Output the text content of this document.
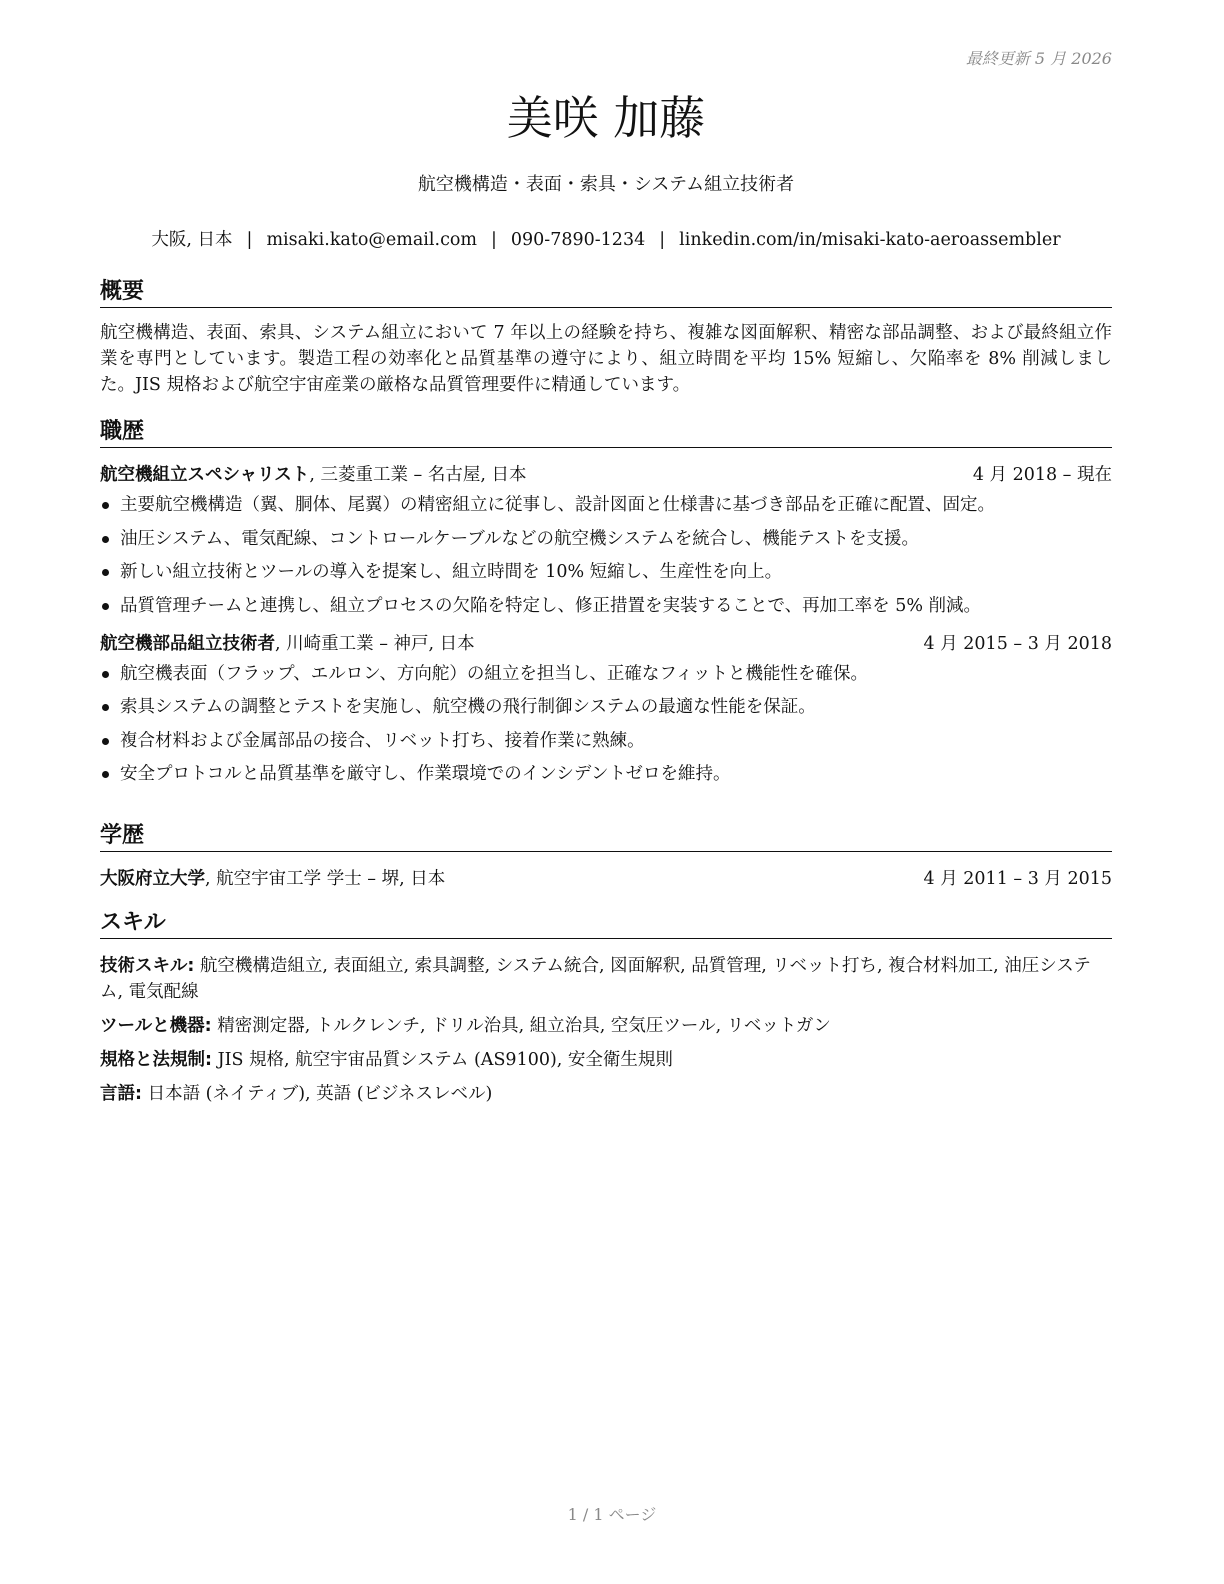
最終更新 5 月 2026
美咲 加藤
航空機構造・表面・索具・システム組立技術者
大阪, 日本 | misaki.kato@email.com | 090-7890-1234 | linkedin.com/in/misaki-kato-aeroassembler
概要
航空機構造、表面、索具、システム組立において 7 年以上の経験を持ち、複雑な図面解釈、精密な部品調整、および最終組立作業を専門としています。製造工程の効率化と品質基準の遵守により、組立時間を平均 15% 短縮し、欠陥率を 8% 削減しました。JIS 規格および航空宇宙産業の厳格な品質管理要件に精通しています。
職歴
航空機組立スペシャリスト, 三菱重工業 – 名古屋, 日本	4 月 2018 – 現在
主要航空機構造（翼、胴体、尾翼）の精密組立に従事し、設計図面と仕様書に基づき部品を正確に配置、固定。
油圧システム、電気配線、コントロールケーブルなどの航空機システムを統合し、機能テストを支援。
新しい組立技術とツールの導入を提案し、組立時間を 10% 短縮し、生産性を向上。
品質管理チームと連携し、組立プロセスの欠陥を特定し、修正措置を実装することで、再加工率を 5% 削減。
航空機部品組立技術者, 川崎重工業 – 神戸, 日本	4 月 2015 – 3 月 2018
航空機表面（フラップ、エルロン、方向舵）の組立を担当し、正確なフィットと機能性を確保。
索具システムの調整とテストを実施し、航空機の飛行制御システムの最適な性能を保証。
複合材料および金属部品の接合、リベット打ち、接着作業に熟練。
安全プロトコルと品質基準を厳守し、作業環境でのインシデントゼロを維持。
学歴
大阪府立大学, 航空宇宙工学 学士 – 堺, 日本	4 月 2011 – 3 月 2015
スキル
技術スキル: 航空機構造組立, 表面組立, 索具調整, システム統合, 図面解釈, 品質管理, リベット打ち, 複合材料加工, 油圧システム, 電気配線
ツールと機器: 精密測定器, トルクレンチ, ドリル治具, 組立治具, 空気圧ツール, リベットガン
規格と法規制: JIS 規格, 航空宇宙品質システム (AS9100), 安全衛生規則
言語: 日本語 (ネイティブ), 英語 (ビジネスレベル)
1 / 1 ページ
